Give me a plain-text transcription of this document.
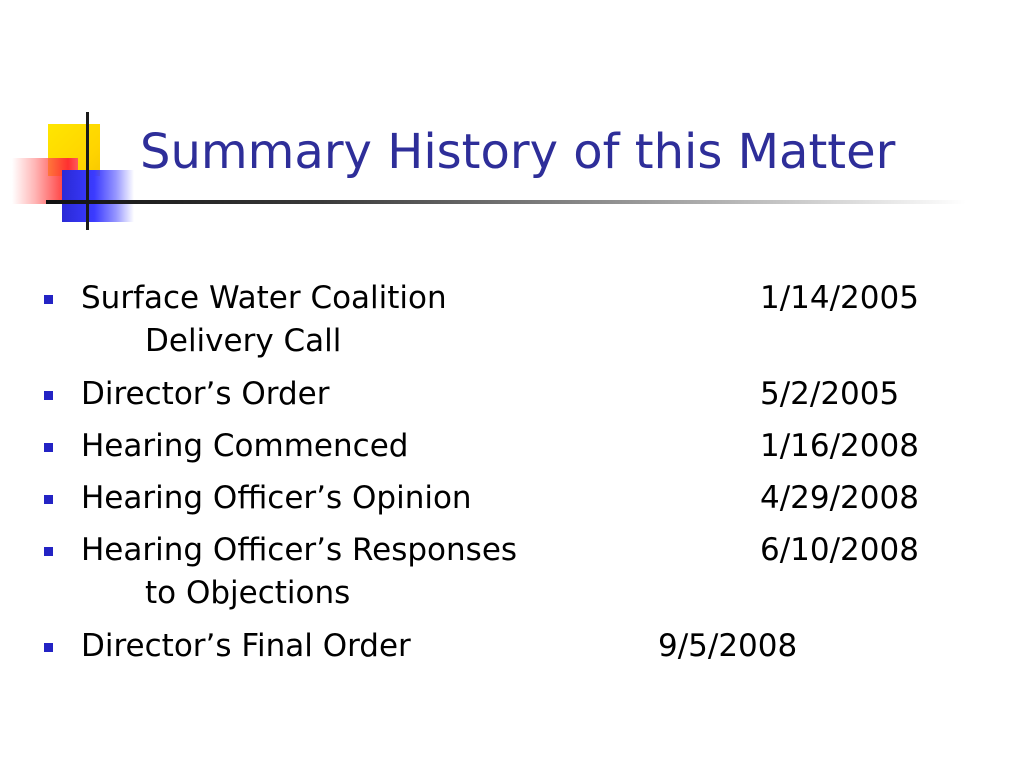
Summary History of this Matter
Surface Water Coalition	1/14/2005
Delivery Call
Director’s Order	5/2/2005
Hearing Commenced	1/16/2008
Hearing Officer’s Opinion	4/29/2008
Hearing Officer’s Responses	6/10/2008
to Objections
Director’s Final Order	9/5/2008
